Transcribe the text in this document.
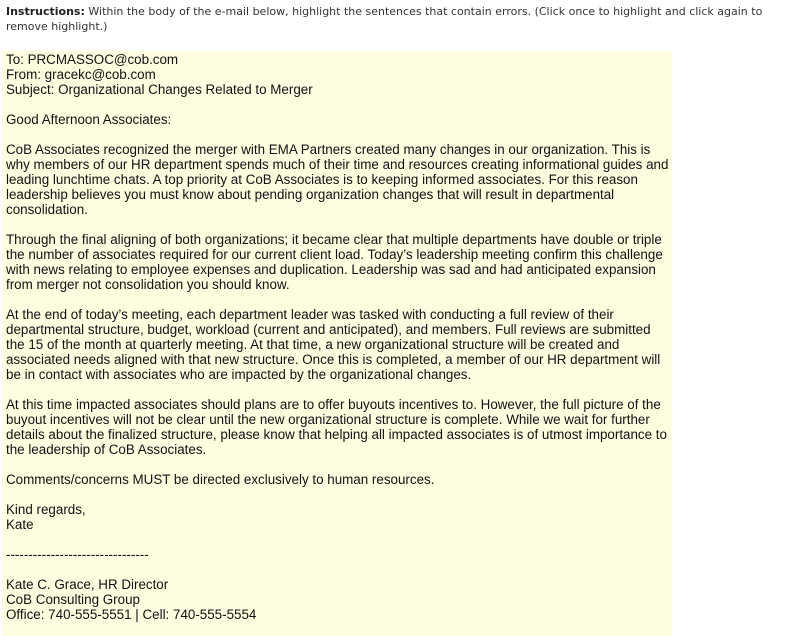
Instructions: Within the body of the e-mail below, highlight the sentences that contain errors. (Click once to highlight and click again to remove highlight.)
To: PRCMASSOC@cob.com
From: gracekc@cob.com
Subject: Organizational Changes Related to Merger
Good Afternoon Associates:
CoB Associates recognized the merger with EMA Partners created many changes in our organization. This is why members of our HR department spends much of their time and resources creating informational guides and leading lunchtime chats. A top priority at CoB Associates is to keeping informed associates. For this reason leadership believes you must know about pending organization changes that will result in departmental consolidation.
Through the final aligning of both organizations; it became clear that multiple departments have double or triple the number of associates required for our current client load. Today’s leadership meeting confirm this challenge with news relating to employee expenses and duplication. Leadership was sad and had anticipated expansion from merger not consolidation you should know.
At the end of today’s meeting, each department leader was tasked with conducting a full review of their departmental structure, budget, workload (current and anticipated), and members. Full reviews are submitted the 15 of the month at quarterly meeting. At that time, a new organizational structure will be created and associated needs aligned with that new structure. Once this is completed, a member of our HR department will be in contact with associates who are impacted by the organizational changes.
At this time impacted associates should plans are to offer buyouts incentives to. However, the full picture of the buyout incentives will not be clear until the new organizational structure is complete. While we wait for further details about the finalized structure, please know that helping all impacted associates is of utmost importance to the leadership of CoB Associates.
Comments/concerns MUST be directed exclusively to human resources.
Kind regards,
Kate
--------------------------------
Kate C. Grace, HR Director
CoB Consulting Group
Office: 740-555-5551 | Cell: 740-555-5554
